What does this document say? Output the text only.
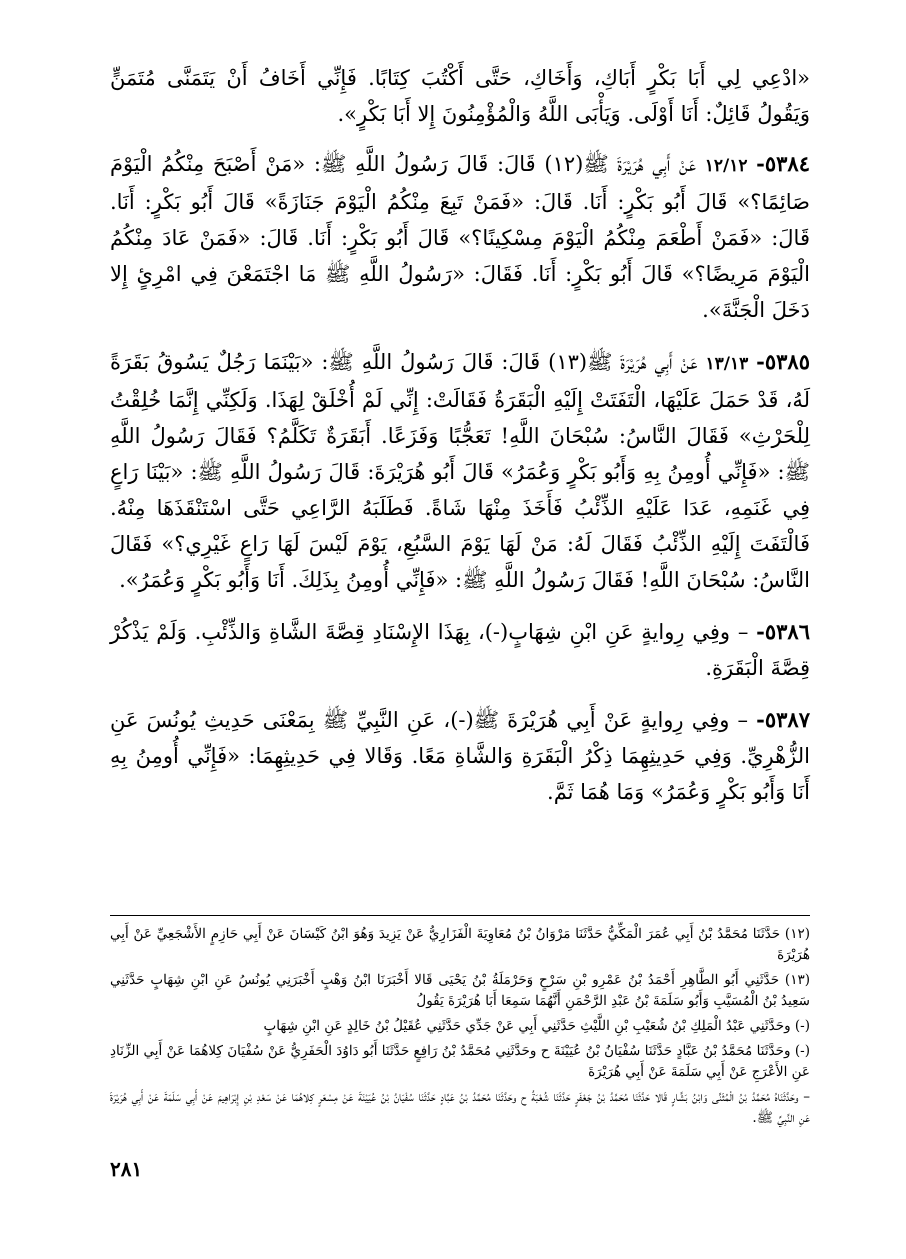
«ادْعِي لِي أَبَا بَكْرٍ أَبَاكِ، وَأَخَاكِ، حَتَّى أَكْتُبَ كِتَابًا. فَإِنِّي أَخَافُ أَنْ يَتَمَنَّى مُتَمَنٍّ وَيَقُولُ قَائِلٌ: أَنَا أَوْلَى. وَيَأْبَى اللَّهُ وَالْمُؤْمِنُونَ إِلا أَبَا بَكْرٍ».

٥٣٨٤- ١٢/١٢ عَنْ أَبِي هُرَيْرَةَ ﷺ(١٢) قَالَ: قَالَ رَسُولُ اللَّهِ ﷺ: «مَنْ أَصْبَحَ مِنْكُمُ الْيَوْمَ صَائِمًا؟» قَالَ أَبُو بَكْرٍ: أَنَا. قَالَ: «فَمَنْ تَبِعَ مِنْكُمُ الْيَوْمَ جَنَازَةً» قَالَ أَبُو بَكْرٍ: أَنَا. قَالَ: «فَمَنْ أَطْعَمَ مِنْكُمُ الْيَوْمَ مِسْكِينًا؟» قَالَ أَبُو بَكْرٍ: أَنَا. قَالَ: «فَمَنْ عَادَ مِنْكُمُ الْيَوْمَ مَرِيضًا؟» قَالَ أَبُو بَكْرٍ: أَنَا. فَقَالَ: «رَسُولُ اللَّهِ ﷺ مَا اجْتَمَعْنَ فِي امْرِئٍ إِلا دَخَلَ الْجَنَّةَ».

٥٣٨٥- ١٣/١٣ عَنْ أَبِي هُرَيْرَةَ ﷺ(١٣) قَالَ: قَالَ رَسُولُ اللَّهِ ﷺ: «بَيْنَمَا رَجُلٌ يَسُوقُ بَقَرَةً لَهُ، قَدْ حَمَلَ عَلَيْهَا، الْتَفَتَتْ إِلَيْهِ الْبَقَرَةُ فَقَالَتْ: إِنِّي لَمْ أُخْلَقْ لِهَذَا. وَلَكِنِّي إِنَّمَا خُلِقْتُ لِلْحَرْثِ» فَقَالَ النَّاسُ: سُبْحَانَ اللَّهِ! تَعَجُّبًا وَفَزَعًا. أَبَقَرَةٌ تَكَلَّمُ؟ فَقَالَ رَسُولُ اللَّهِ ﷺ: «فَإِنِّي أُومِنُ بِهِ وَأَبُو بَكْرٍ وَعُمَرُ» قَالَ أَبُو هُرَيْرَةَ: قَالَ رَسُولُ اللَّهِ ﷺ: «بَيْنَا رَاعٍ فِي غَنَمِهِ، عَدَا عَلَيْهِ الذِّئْبُ فَأَخَذَ مِنْهَا شَاةً. فَطَلَبَهُ الرَّاعِي حَتَّى اسْتَنْقَذَهَا مِنْهُ. فَالْتَفَتَ إِلَيْهِ الذِّئْبُ فَقَالَ لَهُ: مَنْ لَهَا يَوْمَ السَّبُعِ، يَوْمَ لَيْسَ لَهَا رَاعٍ غَيْرِي؟» فَقَالَ النَّاسُ: سُبْحَانَ اللَّهِ! فَقَالَ رَسُولُ اللَّهِ ﷺ: «فَإِنِّي أُومِنُ بِذَلِكَ. أَنَا وَأَبُو بَكْرٍ وَعُمَرُ».

٥٣٨٦- – وفِي رِوايةٍ عَنِ ابْنِ شِهَابٍ(-)، بِهَذَا الإِسْنَادِ قِصَّةَ الشَّاةِ وَالذِّئْبِ. وَلَمْ يَذْكُرْ قِصَّةَ الْبَقَرَةِ.

٥٣٨٧- – وفِي رِوايةٍ عَنْ أَبِي هُرَيْرَةَ ﷺ(-)، عَنِ النَّبِيِّ ﷺ بِمَعْنَى حَدِيثِ يُونُسَ عَنِ الزُّهْرِيِّ. وَفِي حَدِيثِهِمَا ذِكْرُ الْبَقَرَةِ وَالشَّاةِ مَعًا. وَقَالا فِي حَدِيثِهِمَا: «فَإِنِّي أُومِنُ بِهِ أَنَا وَأَبُو بَكْرٍ وَعُمَرُ» وَمَا هُمَا ثَمَّ.

(١٢) حَدَّثَنَا مُحَمَّدُ بْنُ أَبِي عُمَرَ الْمَكِّيُّ حَدَّثَنَا مَرْوَانُ بْنُ مُعَاوِيَةَ الْفَزَارِيُّ عَنْ يَزِيدَ وَهُوَ ابْنُ كَيْسَانَ عَنْ أَبِي حَازِمٍ الأَشْجَعِيِّ عَنْ أَبِي هُرَيْرَةَ

(١٣) حَدَّثَنِي أَبُو الطَّاهِرِ أَحْمَدُ بْنُ عَمْرِو بْنِ سَرْحٍ وَحَرْمَلَةُ بْنُ يَحْيَى قَالا أَخْبَرَنَا ابْنُ وَهْبٍ أَخْبَرَنِي يُونُسُ عَنِ ابْنِ شِهَابٍ حَدَّثَنِي سَعِيدُ بْنُ الْمُسَيَّبِ وَأَبُو سَلَمَةَ بْنُ عَبْدِ الرَّحْمَنِ أَنَّهُمَا سَمِعَا أَبَا هُرَيْرَةَ يَقُولُ

(-) وحَدَّثَنِي عَبْدُ الْمَلِكِ بْنُ شُعَيْبِ بْنِ اللَّيْثِ حَدَّثَنِي أَبِي عَنْ جَدِّي حَدَّثَنِي عُقَيْلُ بْنُ خَالِدٍ عَنِ ابْنِ شِهَابٍ

(-) وحَدَّثَنَا مُحَمَّدُ بْنُ عَبَّادٍ حَدَّثَنَا سُفْيَانُ بْنُ عُيَيْنَةَ ح وحَدَّثَنِي مُحَمَّدُ بْنُ رَافِعٍ حَدَّثَنَا أَبُو دَاوُدَ الْحَفَرِيُّ عَنْ سُفْيَانَ كِلاهُمَا عَنْ أَبِي الزِّنَادِ عَنِ الأَعْرَجِ عَنْ أَبِي سَلَمَةَ عَنْ أَبِي هُرَيْرَةَ

– وحَدَّثَنَاهُ مُحَمَّدُ بْنُ الْمُثَنَّى وَابْنُ بَشَّارٍ قَالا حَدَّثَنَا مُحَمَّدُ بْنُ جَعْفَرٍ حَدَّثَنَا شُعْبَةُ ح وحَدَّثَنَا مُحَمَّدُ بْنُ عَبَّادٍ حَدَّثَنَا سُفْيَانُ بْنُ عُيَيْنَةَ عَنْ مِسْعَرٍ كِلاهُمَا عَنْ سَعْدِ بْنِ إِبْرَاهِيمَ عَنْ أَبِي سَلَمَةَ عَنْ أَبِي هُرَيْرَةَ عَنِ النَّبِيِّ ﷺ.

٢٨١
